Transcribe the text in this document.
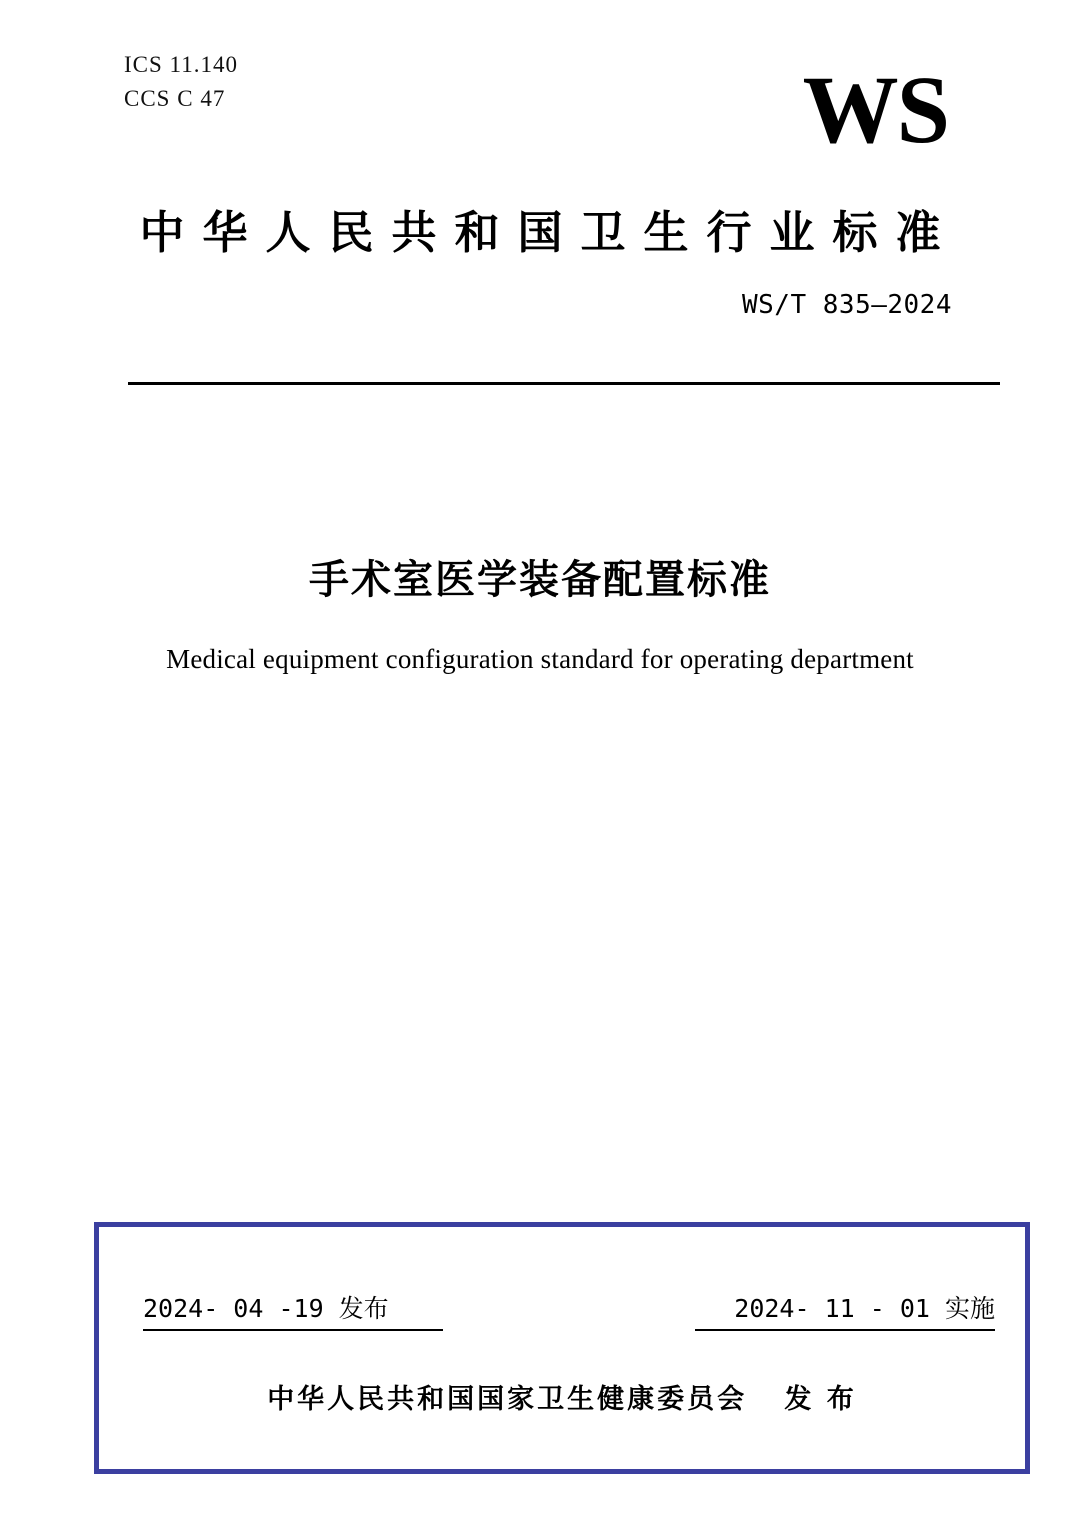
ICS 11.140
CCS C 47	WS
中华人民共和国卫生行业标准
WS/T 835—2024
手术室医学装备配置标准
Medical equipment configuration standard for operating department
2024- 04 -19 发布	2024- 11 - 01 实施
中华人民共和国国家卫生健康委员会   发 布
